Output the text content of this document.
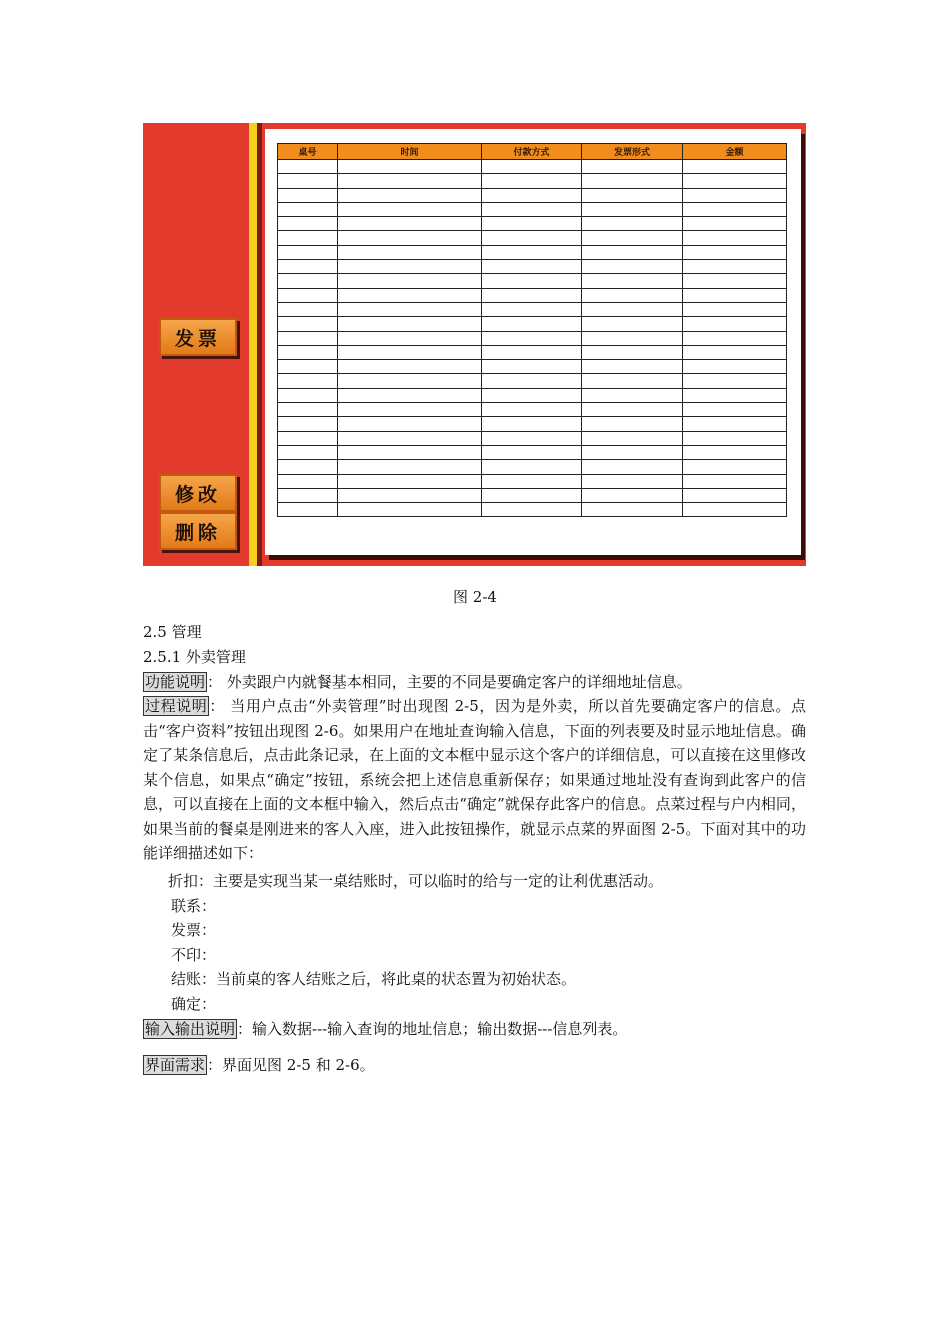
发票
修改
删除
桌号	时间	付款方式	发票形式	金额

图 2-4

2.5 管理

2.5.1 外卖管理

功能说明 ： 外卖跟户内就餐基本相同，主要的不同是要确定客户的详细地址信息。

过程说明 ： 当用户点击“外卖管理”时出现图 2-5，因为是外卖，所以首先要确定客户的信息。点击“客户资料”按钮出现图 2-6。如果用户在地址查询输入信息，下面的列表要及时显示地址信息。确定了某条信息后，点击此条记录，在上面的文本框中显示这个客户的详细信息，可以直接在这里修改某个信息，如果点“确定”按钮，系统会把上述信息重新保存；如果通过地址没有查询到此客户的信息，可以直接在上面的文本框中输入，然后点击“确定”就保存此客户的信息。点菜过程与户内相同，如果当前的餐桌是刚进来的客人入座，进入此按钮操作，就显示点菜的界面图 2-5。下面对其中的功能详细描述如下：

折扣：主要是实现当某一桌结账时，可以临时的给与一定的让利优惠活动。

联系：

发票：

不印：

结账：当前桌的客人结账之后，将此桌的状态置为初始状态。

确定：

输入输出说明 ：输入数据---输入查询的地址信息；输出数据---信息列表。

界面需求 ：界面见图 2-5 和 2-6。
